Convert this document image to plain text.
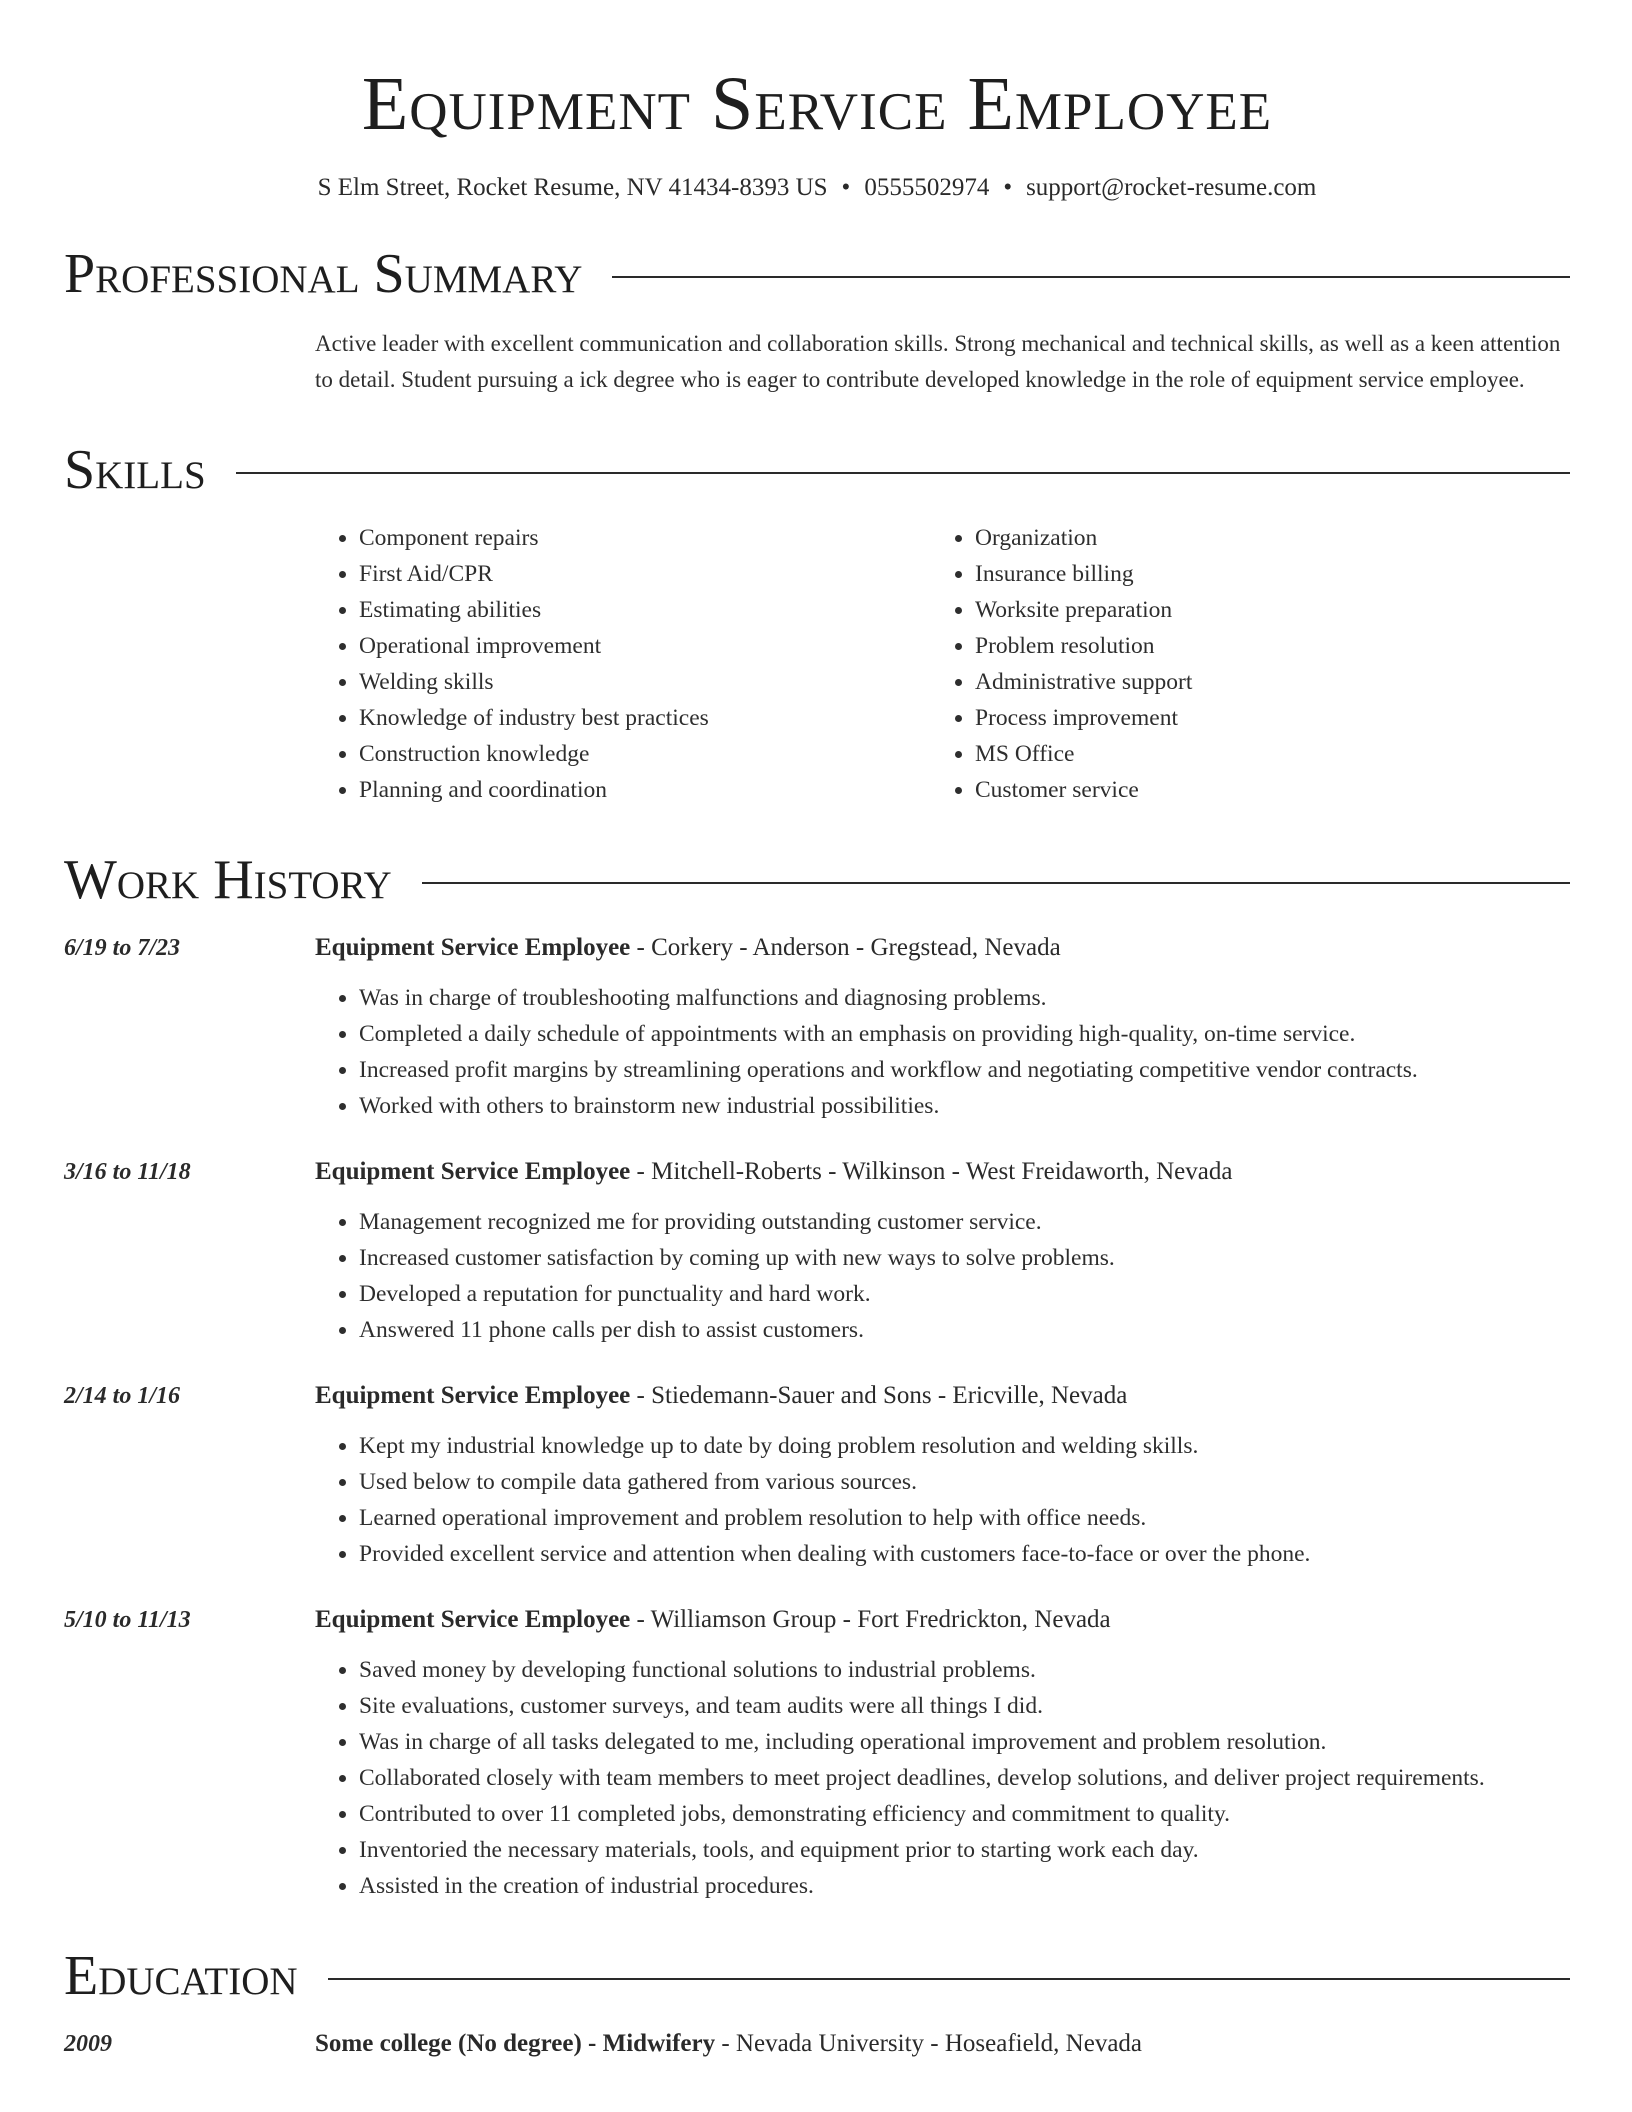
Equipment Service Employee
S Elm Street, Rocket Resume, NV 41434-8393 US • 0555502974 • support@rocket-resume.com
Professional Summary
Active leader with excellent communication and collaboration skills. Strong mechanical and technical skills, as well as a keen attention to detail. Student pursuing a ick degree who is eager to contribute developed knowledge in the role of equipment service employee.
Skills
• Component repairs
• First Aid/CPR
• Estimating abilities
• Operational improvement
• Welding skills
• Knowledge of industry best practices
• Construction knowledge
• Planning and coordination
• Organization
• Insurance billing
• Worksite preparation
• Problem resolution
• Administrative support
• Process improvement
• MS Office
• Customer service
Work History
6/19 to 7/23	Equipment Service Employee - Corkery - Anderson - Gregstead, Nevada
• Was in charge of troubleshooting malfunctions and diagnosing problems.
• Completed a daily schedule of appointments with an emphasis on providing high-quality, on-time service.
• Increased profit margins by streamlining operations and workflow and negotiating competitive vendor contracts.
• Worked with others to brainstorm new industrial possibilities.
3/16 to 11/18	Equipment Service Employee - Mitchell-Roberts - Wilkinson - West Freidaworth, Nevada
• Management recognized me for providing outstanding customer service.
• Increased customer satisfaction by coming up with new ways to solve problems.
• Developed a reputation for punctuality and hard work.
• Answered 11 phone calls per dish to assist customers.
2/14 to 1/16	Equipment Service Employee - Stiedemann-Sauer and Sons - Ericville, Nevada
• Kept my industrial knowledge up to date by doing problem resolution and welding skills.
• Used below to compile data gathered from various sources.
• Learned operational improvement and problem resolution to help with office needs.
• Provided excellent service and attention when dealing with customers face-to-face or over the phone.
5/10 to 11/13	Equipment Service Employee - Williamson Group - Fort Fredrickton, Nevada
• Saved money by developing functional solutions to industrial problems.
• Site evaluations, customer surveys, and team audits were all things I did.
• Was in charge of all tasks delegated to me, including operational improvement and problem resolution.
• Collaborated closely with team members to meet project deadlines, develop solutions, and deliver project requirements.
• Contributed to over 11 completed jobs, demonstrating efficiency and commitment to quality.
• Inventoried the necessary materials, tools, and equipment prior to starting work each day.
• Assisted in the creation of industrial procedures.
Education
2009	Some college (No degree) - Midwifery - Nevada University - Hoseafield, Nevada
